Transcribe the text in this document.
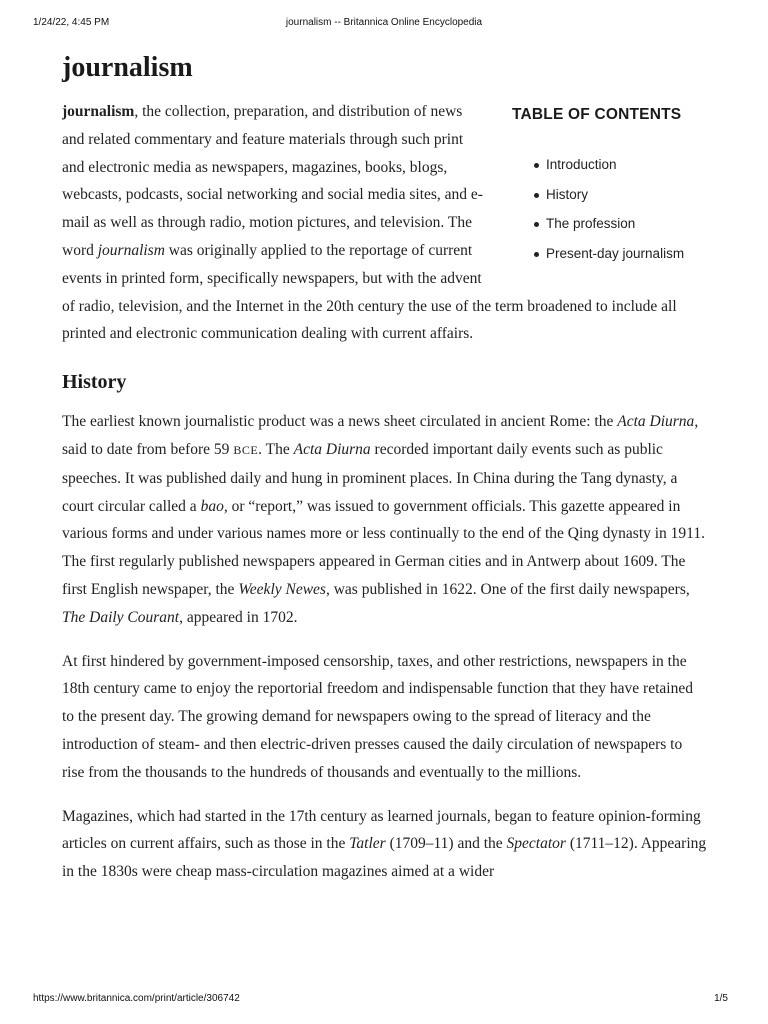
1/24/22, 4:45 PM	journalism -- Britannica Online Encyclopedia
journalism
TABLE OF CONTENTS
Introduction
History
The profession
Present-day journalism

journalism, the collection, preparation, and distribution of news and related commentary and feature materials through such print and electronic media as newspapers, magazines, books, blogs, webcasts, podcasts, social networking and social media sites, and e-mail as well as through radio, motion pictures, and television. The word journalism was originally applied to the reportage of current events in printed form, specifically newspapers, but with the advent of radio, television, and the Internet in the 20th century the use of the term broadened to include all printed and electronic communication dealing with current affairs.

History

The earliest known journalistic product was a news sheet circulated in ancient Rome: the Acta Diurna, said to date from before 59 BCE. The Acta Diurna recorded important daily events such as public speeches. It was published daily and hung in prominent places. In China during the Tang dynasty, a court circular called a bao, or “report,” was issued to government officials. This gazette appeared in various forms and under various names more or less continually to the end of the Qing dynasty in 1911. The first regularly published newspapers appeared in German cities and in Antwerp about 1609. The first English newspaper, the Weekly Newes, was published in 1622. One of the first daily newspapers, The Daily Courant, appeared in 1702.

At first hindered by government-imposed censorship, taxes, and other restrictions, newspapers in the 18th century came to enjoy the reportorial freedom and indispensable function that they have retained to the present day. The growing demand for newspapers owing to the spread of literacy and the introduction of steam- and then electric-driven presses caused the daily circulation of newspapers to rise from the thousands to the hundreds of thousands and eventually to the millions.

Magazines, which had started in the 17th century as learned journals, began to feature opinion-forming articles on current affairs, such as those in the Tatler (1709–11) and the Spectator (1711–12). Appearing in the 1830s were cheap mass-circulation magazines aimed at a wider

https://www.britannica.com/print/article/306742	1/5
